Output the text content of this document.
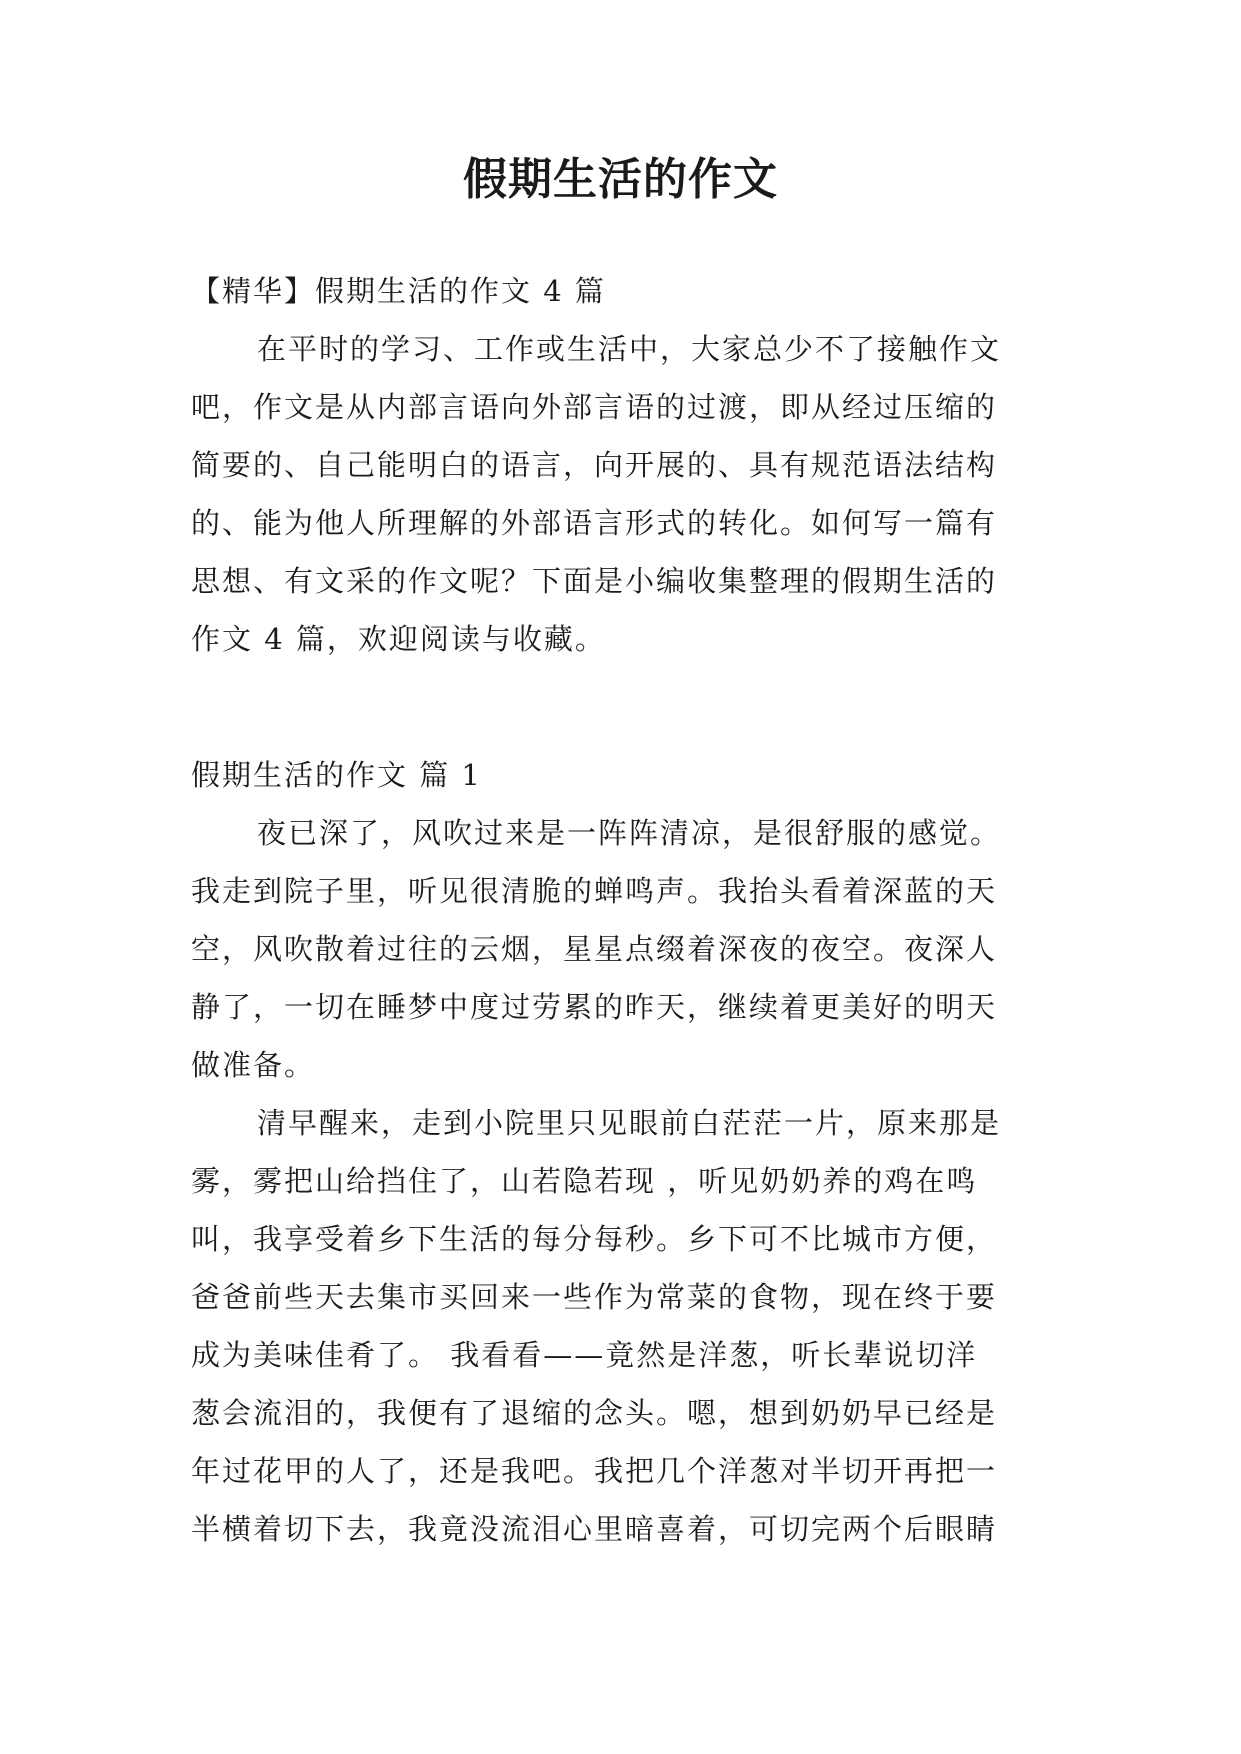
假期生活的作文
【精华】假期生活的作文 4 篇
在平时的学习、工作或生活中，大家总少不了接触作文
吧，作文是从内部言语向外部言语的过渡，即从经过压缩的
简要的、自己能明白的语言，向开展的、具有规范语法结构
的、能为他人所理解的外部语言形式的转化。如何写一篇有
思想、有文采的作文呢？下面是小编收集整理的假期生活的
作文 4 篇，欢迎阅读与收藏。
假期生活的作文 篇 1
夜已深了，风吹过来是一阵阵清凉，是很舒服的感觉。
我走到院子里，听见很清脆的蝉鸣声。我抬头看着深蓝的天
空，风吹散着过往的云烟，星星点缀着深夜的夜空。夜深人
静了，一切在睡梦中度过劳累的昨天，继续着更美好的明天
做准备。
清早醒来，走到小院里只见眼前白茫茫一片，原来那是
雾，雾把山给挡住了，山若隐若现 ，听见奶奶养的鸡在鸣
叫，我享受着乡下生活的每分每秒。乡下可不比城市方便，
爸爸前些天去集市买回来一些作为常菜的食物，现在终于要
成为美味佳肴了。 我看看——竟然是洋葱，听长辈说切洋
葱会流泪的，我便有了退缩的念头。嗯，想到奶奶早已经是
年过花甲的人了，还是我吧。我把几个洋葱对半切开再把一
半横着切下去，我竟没流泪心里暗喜着，可切完两个后眼睛
